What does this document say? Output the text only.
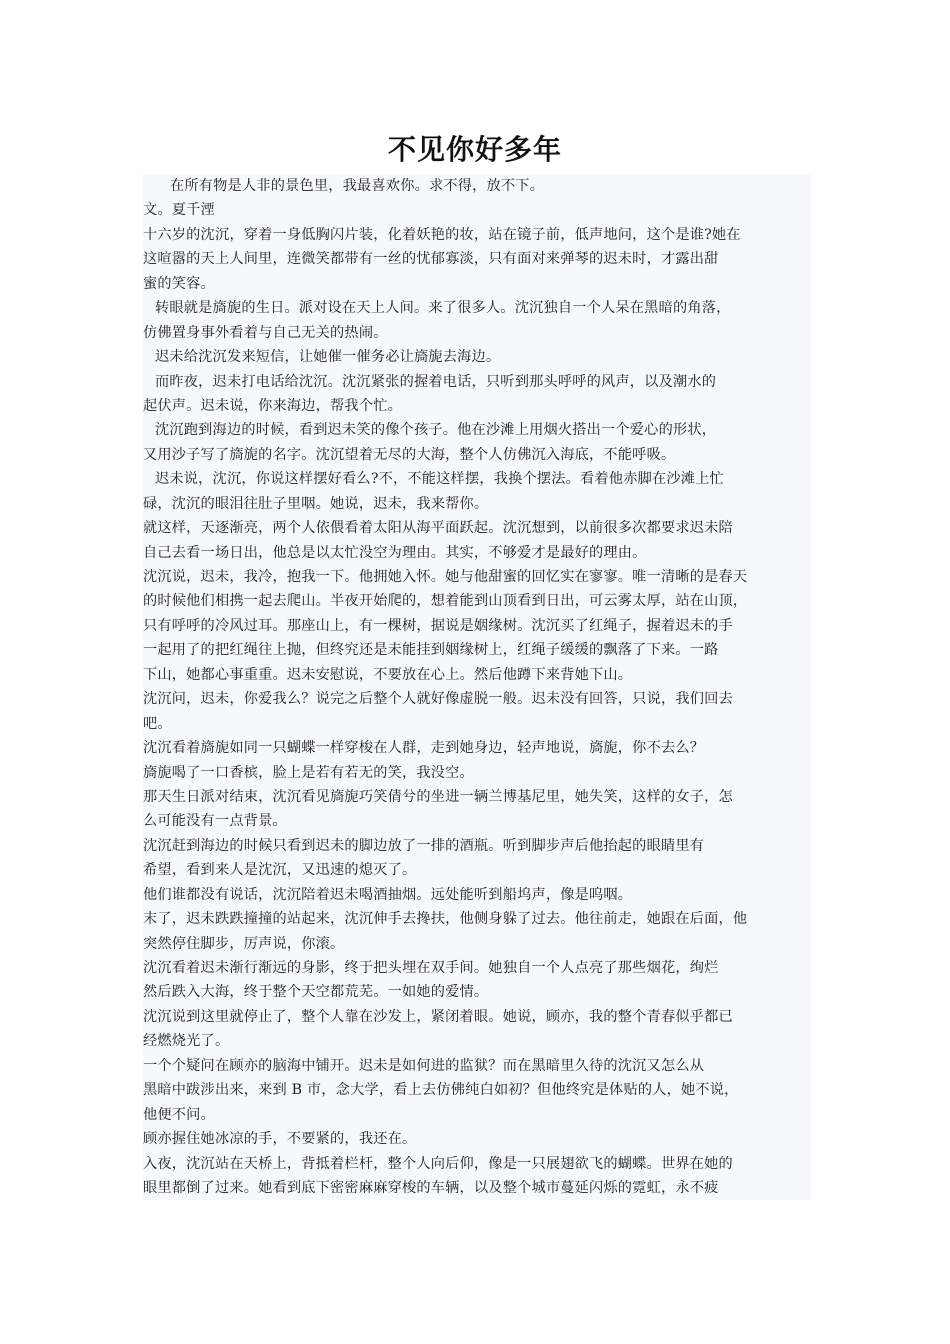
不见你好多年
在所有物是人非的景色里，我最喜欢你。求不得，放不下。
文。夏千湮
十六岁的沈沉，穿着一身低胸闪片装，化着妖艳的妆，站在镜子前，低声地问，这个是谁?她在
这喧嚣的天上人间里，连微笑都带有一丝的忧郁寡淡，只有面对来弹琴的迟未时，才露出甜
蜜的笑容。
转眼就是旖旎的生日。派对设在天上人间。来了很多人。沈沉独自一个人呆在黑暗的角落，
仿佛置身事外看着与自己无关的热闹。
迟未给沈沉发来短信，让她催一催务必让旖旎去海边。
而昨夜，迟未打电话给沈沉。沈沉紧张的握着电话，只听到那头呼呼的风声，以及潮水的
起伏声。迟未说，你来海边，帮我个忙。
沈沉跑到海边的时候，看到迟未笑的像个孩子。他在沙滩上用烟火搭出一个爱心的形状，
又用沙子写了旖旎的名字。沈沉望着无尽的大海，整个人仿佛沉入海底，不能呼吸。
迟未说，沈沉，你说这样摆好看么?不，不能这样摆，我换个摆法。看着他赤脚在沙滩上忙
碌，沈沉的眼泪往肚子里咽。她说，迟未，我来帮你。
就这样，天逐渐亮，两个人依偎看着太阳从海平面跃起。沈沉想到，以前很多次都要求迟未陪
自己去看一场日出，他总是以太忙没空为理由。其实，不够爱才是最好的理由。
沈沉说，迟未，我冷，抱我一下。他拥她入怀。她与他甜蜜的回忆实在寥寥。唯一清晰的是春天
的时候他们相携一起去爬山。半夜开始爬的，想着能到山顶看到日出，可云雾太厚，站在山顶，
只有呼呼的冷风过耳。那座山上，有一棵树，据说是姻缘树。沈沉买了红绳子，握着迟未的手
一起用了的把红绳往上抛，但终究还是未能挂到姻缘树上，红绳子缓缓的飘落了下来。一路
下山，她都心事重重。迟未安慰说，不要放在心上。然后他蹲下来背她下山。
沈沉问，迟未，你爱我么？说完之后整个人就好像虚脱一般。迟未没有回答，只说，我们回去
吧。
沈沉看着旖旎如同一只蝴蝶一样穿梭在人群，走到她身边，轻声地说，旖旎，你不去么？
旖旎喝了一口香槟，脸上是若有若无的笑，我没空。
那天生日派对结束，沈沉看见旖旎巧笑倩兮的坐进一辆兰博基尼里，她失笑，这样的女子，怎
么可能没有一点背景。
沈沉赶到海边的时候只看到迟未的脚边放了一排的酒瓶。听到脚步声后他抬起的眼睛里有
希望，看到来人是沈沉，又迅速的熄灭了。
他们谁都没有说话，沈沉陪着迟未喝酒抽烟。远处能听到船坞声，像是呜咽。
末了，迟未跌跌撞撞的站起来，沈沉伸手去搀扶，他侧身躲了过去。他往前走，她跟在后面，他
突然停住脚步，厉声说，你滚。
沈沉看着迟未渐行渐远的身影，终于把头埋在双手间。她独自一个人点亮了那些烟花，绚烂
然后跌入大海，终于整个天空都荒芜。一如她的爱情。
沈沉说到这里就停止了，整个人靠在沙发上，紧闭着眼。她说，顾亦，我的整个青春似乎都已
经燃烧光了。
一个个疑问在顾亦的脑海中铺开。迟未是如何进的监狱？而在黑暗里久待的沈沉又怎么从
黑暗中跋涉出来，来到 B 市，念大学，看上去仿佛纯白如初？但他终究是体贴的人，她不说，
他便不问。
顾亦握住她冰凉的手，不要紧的，我还在。
入夜，沈沉站在天桥上，背抵着栏杆，整个人向后仰，像是一只展翅欲飞的蝴蝶。世界在她的
眼里都倒了过来。她看到底下密密麻麻穿梭的车辆，以及整个城市蔓延闪烁的霓虹，永不疲
